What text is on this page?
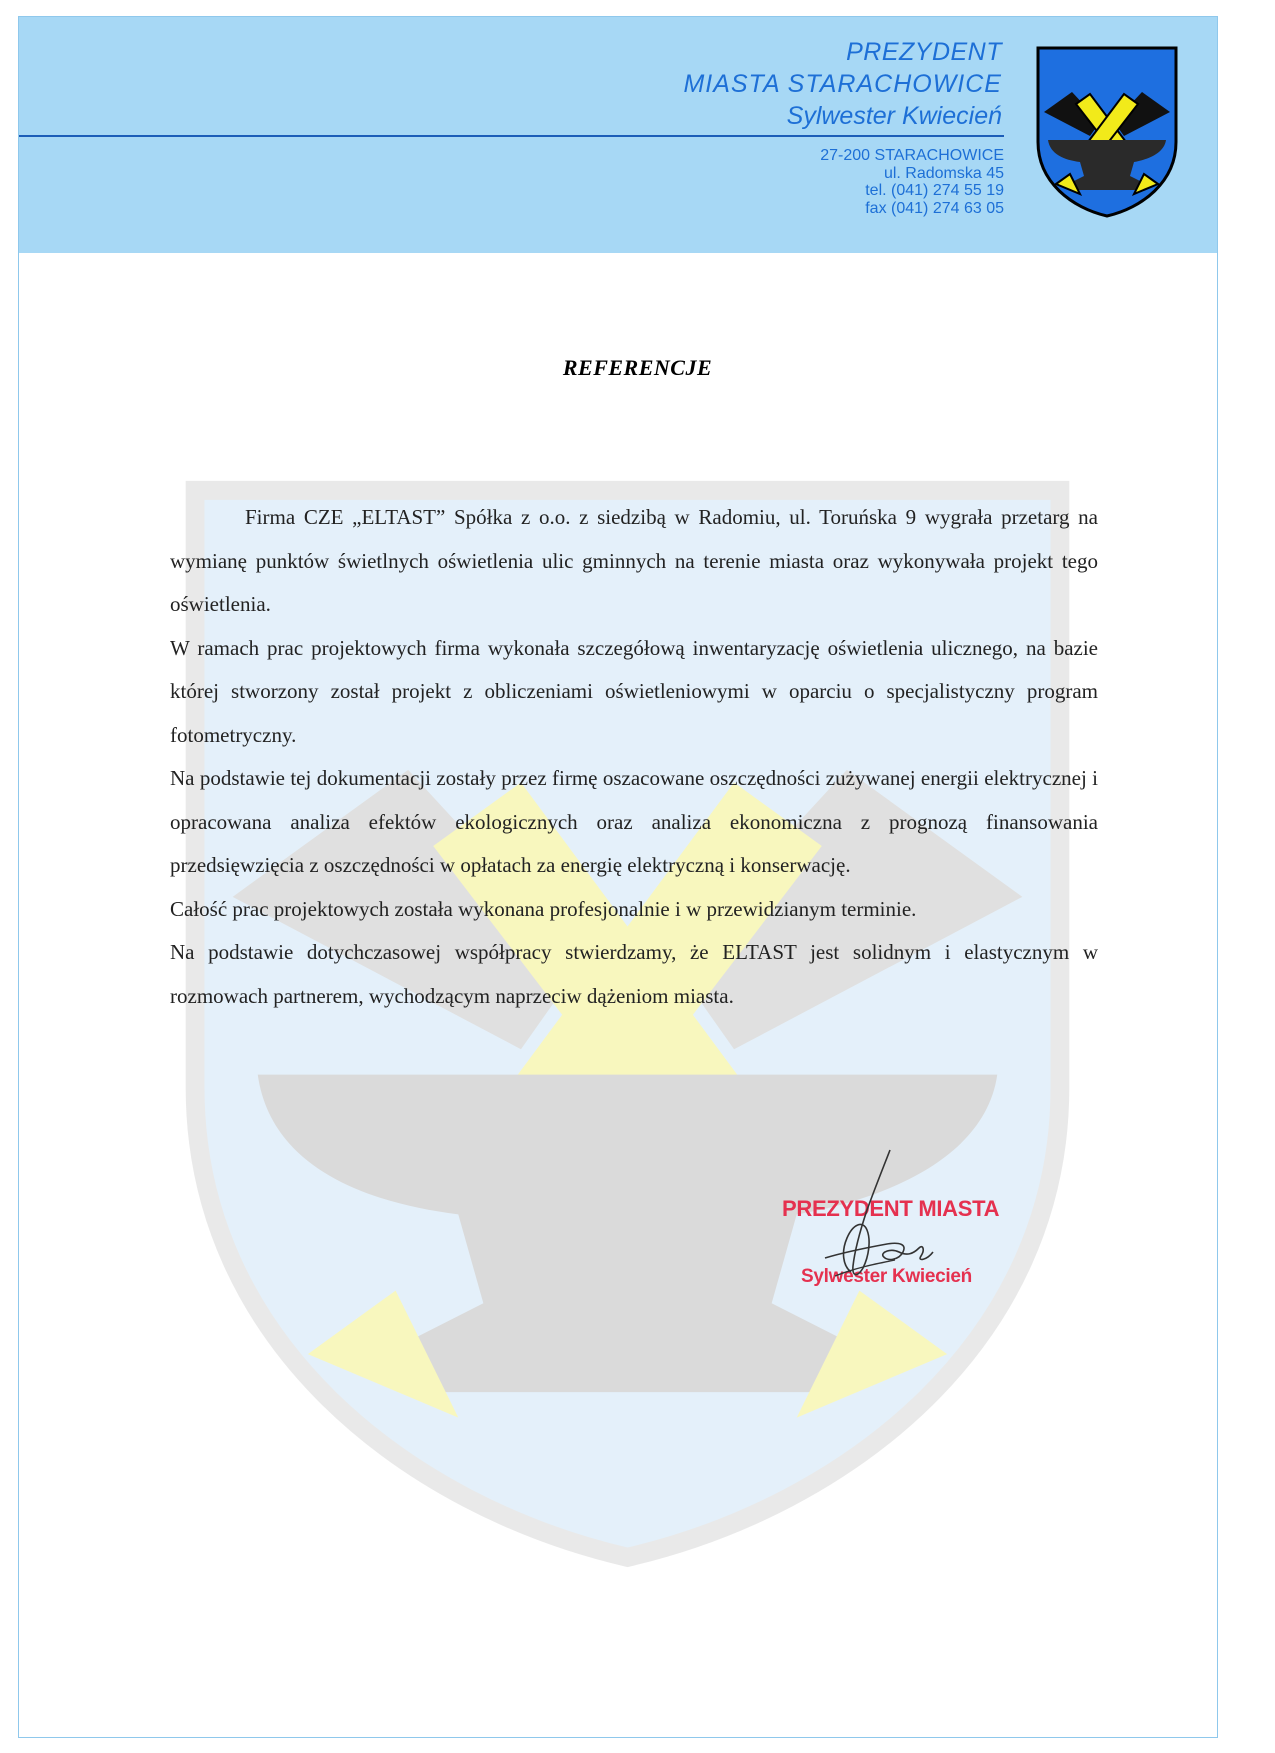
PREZYDENT
MIASTA STARACHOWICE
Sylwester Kwiecień
27-200 STARACHOWICE
ul. Radomska 45
tel. (041) 274 55 19
fax (041) 274 63 05
REFERENCJE

Firma CZE „ELTAST” Spółka z o.o. z siedzibą w Radomiu, ul. Toruńska 9 wygrała przetarg na wymianę punktów świetlnych oświetlenia ulic gminnych na terenie miasta oraz wykonywała projekt tego oświetlenia.

W ramach prac projektowych firma wykonała szczegółową inwentaryzację oświetlenia ulicznego, na bazie której stworzony został projekt z obliczeniami oświetleniowymi w oparciu o specjalistyczny program fotometryczny.

Na podstawie tej dokumentacji zostały przez firmę oszacowane oszczędności zużywanej energii elektrycznej i opracowana analiza efektów ekologicznych oraz analiza ekonomiczna z prognozą finansowania przedsięwzięcia z oszczędności w opłatach za energię elektryczną i konserwację.

Całość prac projektowych została wykonana profesjonalnie i w przewidzianym terminie.

Na podstawie dotychczasowej współpracy stwierdzamy, że ELTAST jest solidnym i elastycznym w rozmowach partnerem, wychodzącym naprzeciw dążeniom miasta.

PREZYDENT MIASTA
Sylwester Kwiecień
